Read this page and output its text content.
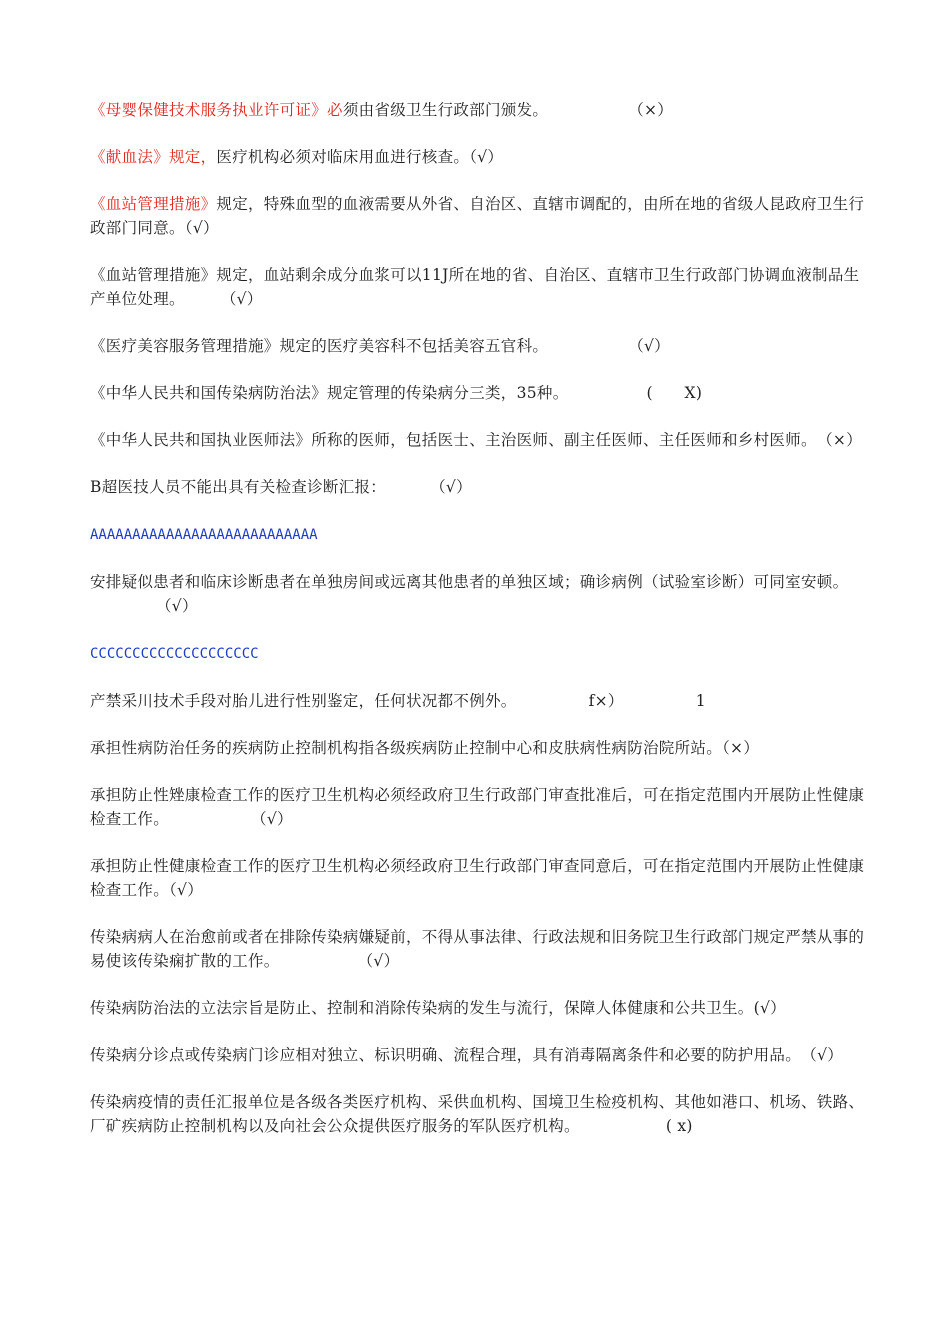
《母婴保健技术服务执业许可证》必须由省级卫生行政部门颁发。	（×）

《献血法》规定，医疗机构必须对临床用血进行核查。（√）

《血站管理措施》规定，特殊血型的血液需要从外省、自治区、直辖市调配的，由所在地的省级人昆政府卫生行政部门同意。（√）

《血站管理措施》规定，血站剩余成分血浆可以11J所在地的省、自治区、直辖市卫生行政部门协调血液制品生产单位处理。 （√）

《医疗美容服务管理措施》规定的医疗美容科不包括美容五官科。	（√）

《中华人民共和国传染病防治法》规定管理的传染病分三类，35种。	(　　X)

《中华人民共和国执业医师法》所称的医师，包括医士、主治医师、副主任医师、主任医师和乡村医师。　（×）

B超医技人员不能出具有关检查诊断汇报：	（√）

AAAAAAAAAAAAAAAAAAAAAAAAAAA

安排疑似患者和临床诊断患者在单独房间或远离其他患者的单独区域；确诊病例（试验室诊断）可同室安顿。（√）

CCCCCCCCCCCCCCCCCCCC

产禁采川技术手段对胎儿进行性别鉴定，任何状况都不例外。	f×）	1

承担性病防治任务的疾病防止控制机构指各级疾病防止控制中心和皮肤病性病防治院所站。（×）

承担防止性矬康检查工作的医疗卫生机构必须经政府卫生行政部门审查批准后，可在指定范围内开展防止性健康检查工作。	（√）

承担防止性健康检查工作的医疗卫生机构必须经政府卫生行政部门审查同意后，可在指定范围内开展防止性健康检查工作。（√）

传染病病人在治愈前或者在排除传染病嫌疑前，不得从事法律、行政法规和旧务院卫生行政部门规定严禁从事的易使该传染痫扩散的工作。	（√）

传染病防治法的立法宗旨是防止、控制和消除传染病的发生与流行，保障人体健康和公共卫生。(√）

传染病分诊点或传染病门诊应相对独立、标识明确、流程合理，具有消毒隔离条件和必要的防护用品。　（√）

传染病疫情的责任汇报单位是各级各类医疗机构、采供血机构、国境卫生检疫机构、其他如港口、机场、铁路、厂矿疾病防止控制机构以及向社会公众提供医疗服务的军队医疗机构。	( x)
